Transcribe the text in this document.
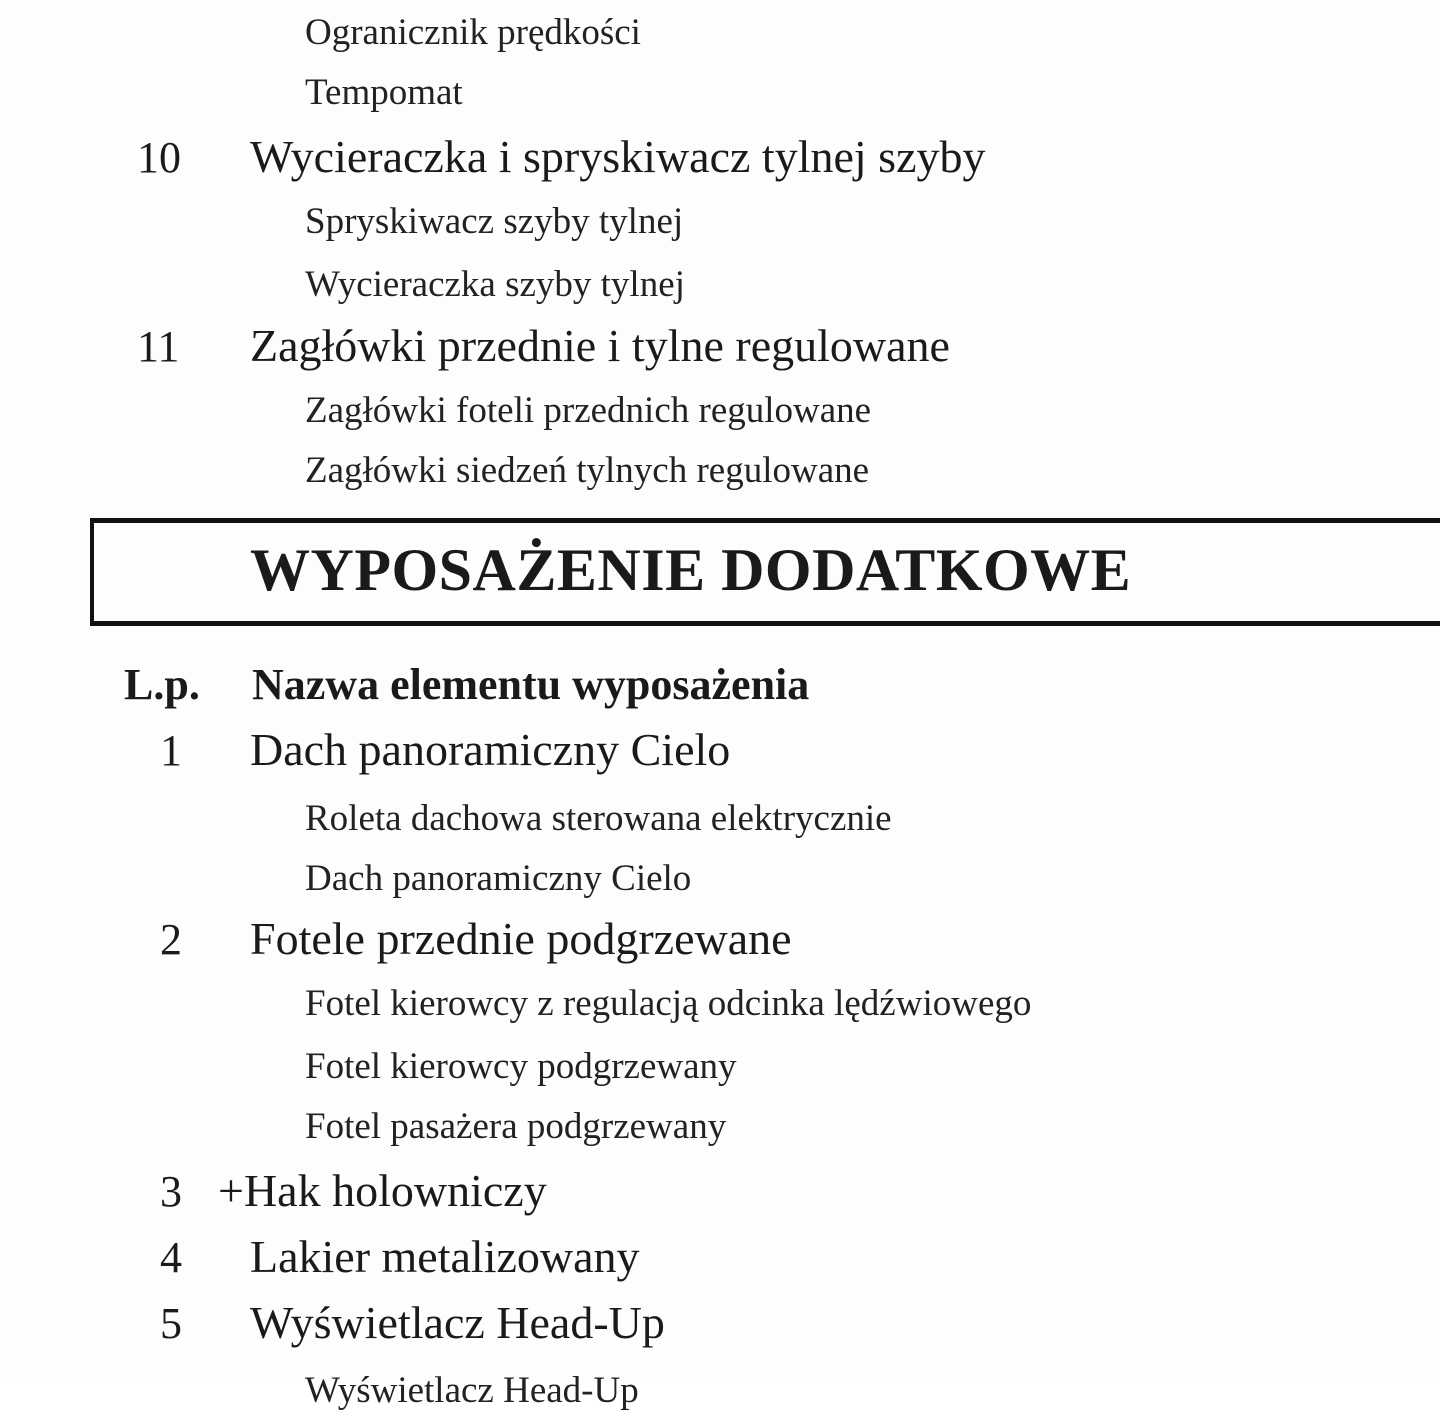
Ogranicznik prędkości
Tempomat
10 Wycieraczka i spryskiwacz tylnej szyby
Spryskiwacz szyby tylnej
Wycieraczka szyby tylnej
11 Zagłówki przednie i tylne regulowane
Zagłówki foteli przednich regulowane
Zagłówki siedzeń tylnych regulowane
WYPOSAŻENIE DODATKOWE
L.p. Nazwa elementu wyposażenia
1 Dach panoramiczny Cielo
Roleta dachowa sterowana elektrycznie
Dach panoramiczny Cielo
2 Fotele przednie podgrzewane
Fotel kierowcy z regulacją odcinka lędźwiowego
Fotel kierowcy podgrzewany
Fotel pasażera podgrzewany
3 +Hak holowniczy
4 Lakier metalizowany
5 Wyświetlacz Head-Up
Wyświetlacz Head-Up
